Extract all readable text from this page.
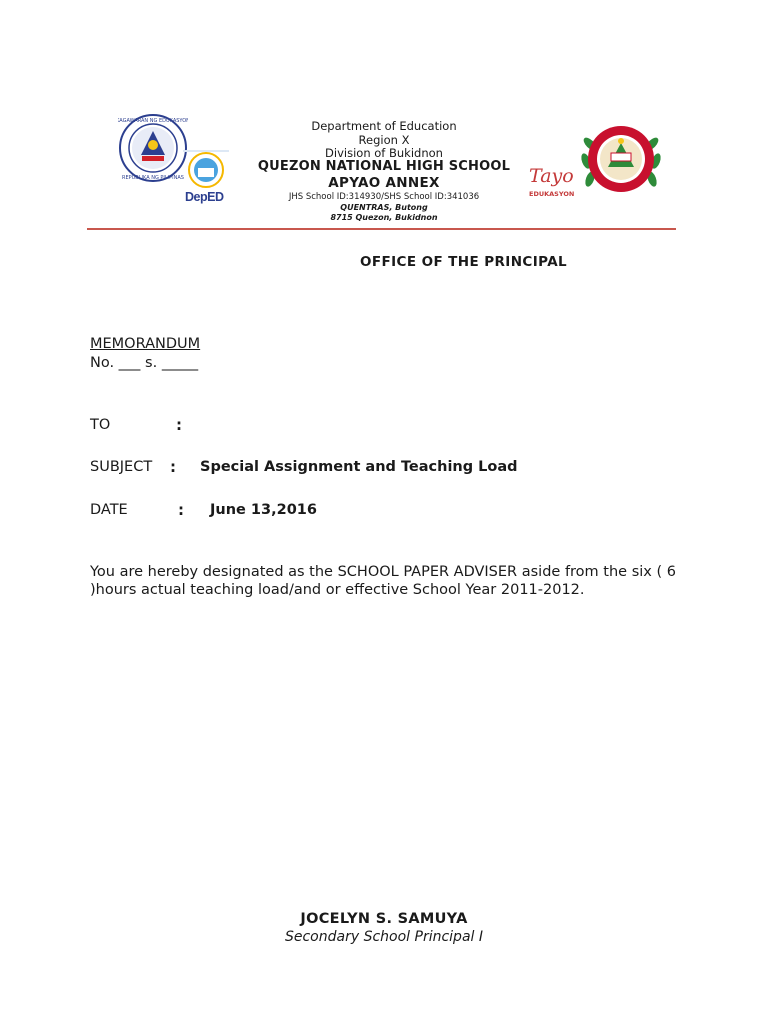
KAGAWARAN NG EDUKASYON
REPUBLIKA NG PILIPINAS
DepED
Department of Education
Region X
Division of Bukidnon
QUEZON NATIONAL HIGH SCHOOL
APYAO ANNEX
JHS School ID:314930/SHS School ID:341036
QUENTRAS, Butong
8715 Quezon, Bukidnon
Tayo
EDUKASYON
OFFICE OF THE PRINCIPAL
MEMORANDUM
No. ___ s. _____
TO	:
SUBJECT : Special Assignment and Teaching Load
DATE	: June 13,2016
You are hereby designated as the SCHOOL PAPER ADVISER aside from the six ( 6 )hours actual teaching load/and or effective School Year 2011-2012.
JOCELYN S. SAMUYA
Secondary School Principal I
